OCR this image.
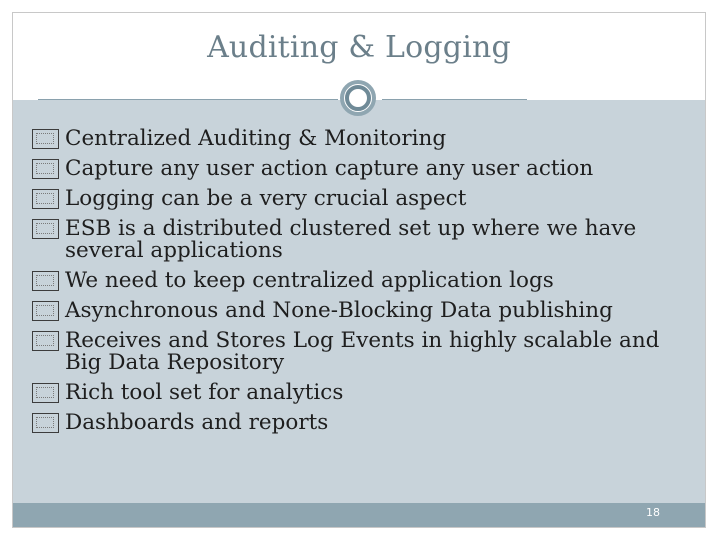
Auditing & Logging
Centralized Auditing & Monitoring
Capture any user action capture any user action
Logging can be a very crucial aspect
ESB is a distributed clustered set up where we have several applications
We need to keep centralized application logs
Asynchronous and None-Blocking Data publishing
Receives and Stores Log Events in highly scalable and Big Data Repository
Rich tool set for analytics
Dashboards and reports
18
